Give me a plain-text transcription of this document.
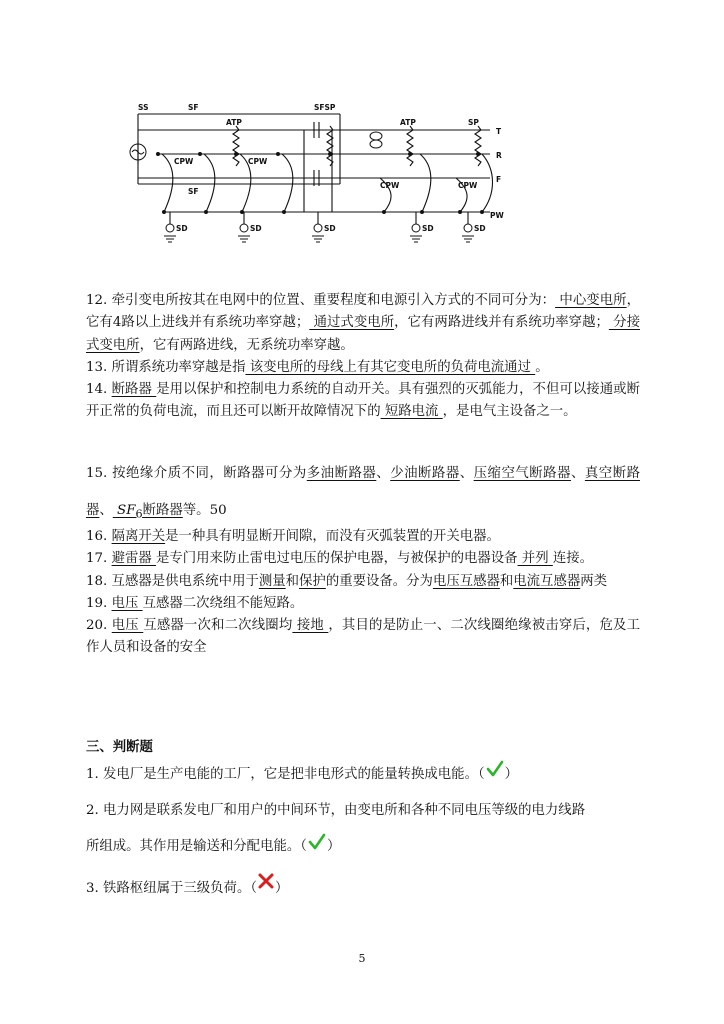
SS	SF	SFSP
ATP	ATP	SP
T
R
F
PW
SF
CPW	CPW
CPW	CPW
SD	SD	SD	SD	SD
12. 牵引变电所按其在电网中的位置、重要程度和电源引入方式的不同可分为： 中心变电所，它有4路以上进线并有系统功率穿越； 通过式变电所，它有两路进线并有系统功率穿越； 分接式变电所，它有两路进线，无系统功率穿越。
13. 所谓系统功率穿越是指 该变电所的母线上有其它变电所的负荷电流通过 。
14. 断路器 是用以保护和控制电力系统的自动开关。具有强烈的灭弧能力，不但可以接通或断开正常的负荷电流，而且还可以断开故障情况下的 短路电流 ，是电气主设备之一。
15. 按绝缘介质不同，断路器可分为多油断路器、少油断路器、压缩空气断路器、真空断路器、 $SF_6$断路器等。50
16. 隔离开关是一种具有明显断开间隙，而没有灭弧装置的开关电器。
17. 避雷器 是专门用来防止雷电过电压的保护电器，与被保护的电器设备 并列 连接。
18. 互感器是供电系统中用于测量和保护的重要设备。分为电压互感器和电流互感器两类
19. 电压 互感器二次绕组不能短路。
20. 电压 互感器一次和二次线圈均 接地 ，其目的是防止一、二次线圈绝缘被击穿后，危及工作人员和设备的安全
三、判断题
1. 发电厂是生产电能的工厂，它是把非电形式的能量转换成电能。（ ）
2. 电力网是联系发电厂和用户的中间环节，由变电所和各种不同电压等级的电力线路
所组成。其作用是输送和分配电能。（ ）
3. 铁路枢纽属于三级负荷。（ ）
5
